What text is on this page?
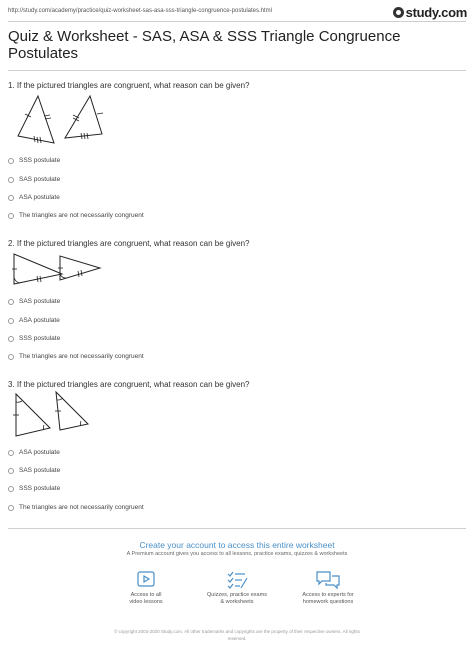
http://study.com/academy/practice/quiz-worksheet-sas-asa-sss-triangle-congruence-postulates.html	study.com
Quiz & Worksheet - SAS, ASA & SSS Triangle Congruence
Postulates
1. If the pictured triangles are congruent, what reason can be given?
SSS postulate
SAS postulate
ASA postulate
The triangles are not necessarily congruent
2. If the pictured triangles are congruent, what reason can be given?
SAS postulate
ASA postulate
SSS postulate
The triangles are not necessarily congruent
3. If the pictured triangles are congruent, what reason can be given?
ASA postulate
SAS postulate
SSS postulate
The triangles are not necessarily congruent
Create your account to access this entire worksheet
A Premium account gives you access to all lessons, practice exams, quizzes & worksheets
Access to all
video lessons
Quizzes, practice exams
& worksheets
Access to experts for
homework questions
© copyright 2003-2020 Study.com. All other trademarks and copyrights are the property of their respective owners. All rights
reserved.
